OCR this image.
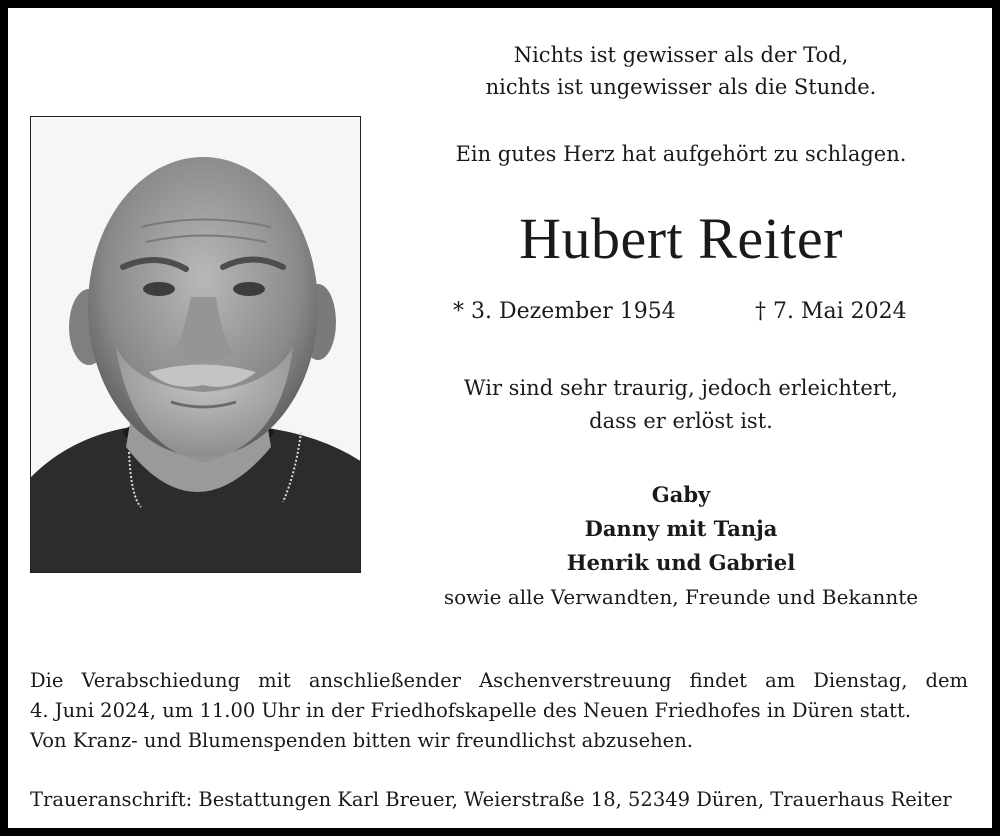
Nichts ist gewisser als der Tod,
nichts ist ungewisser als die Stunde.
Ein gutes Herz hat aufgehört zu schlagen.
Hubert Reiter
* 3. Dezember 1954	† 7. Mai 2024
Wir sind sehr traurig, jedoch erleichtert,
dass er erlöst ist.
Gaby
Danny mit Tanja
Henrik und Gabriel
sowie alle Verwandten, Freunde und Bekannte
Die Verabschiedung mit anschließender Aschenverstreuung findet am Dienstag, dem
4. Juni 2024, um 11.00 Uhr in der Friedhofskapelle des Neuen Friedhofes in Düren statt.
Von Kranz- und Blumenspenden bitten wir freundlichst abzusehen.
Traueranschrift: Bestattungen Karl Breuer, Weierstraße 18, 52349 Düren, Trauerhaus Reiter
